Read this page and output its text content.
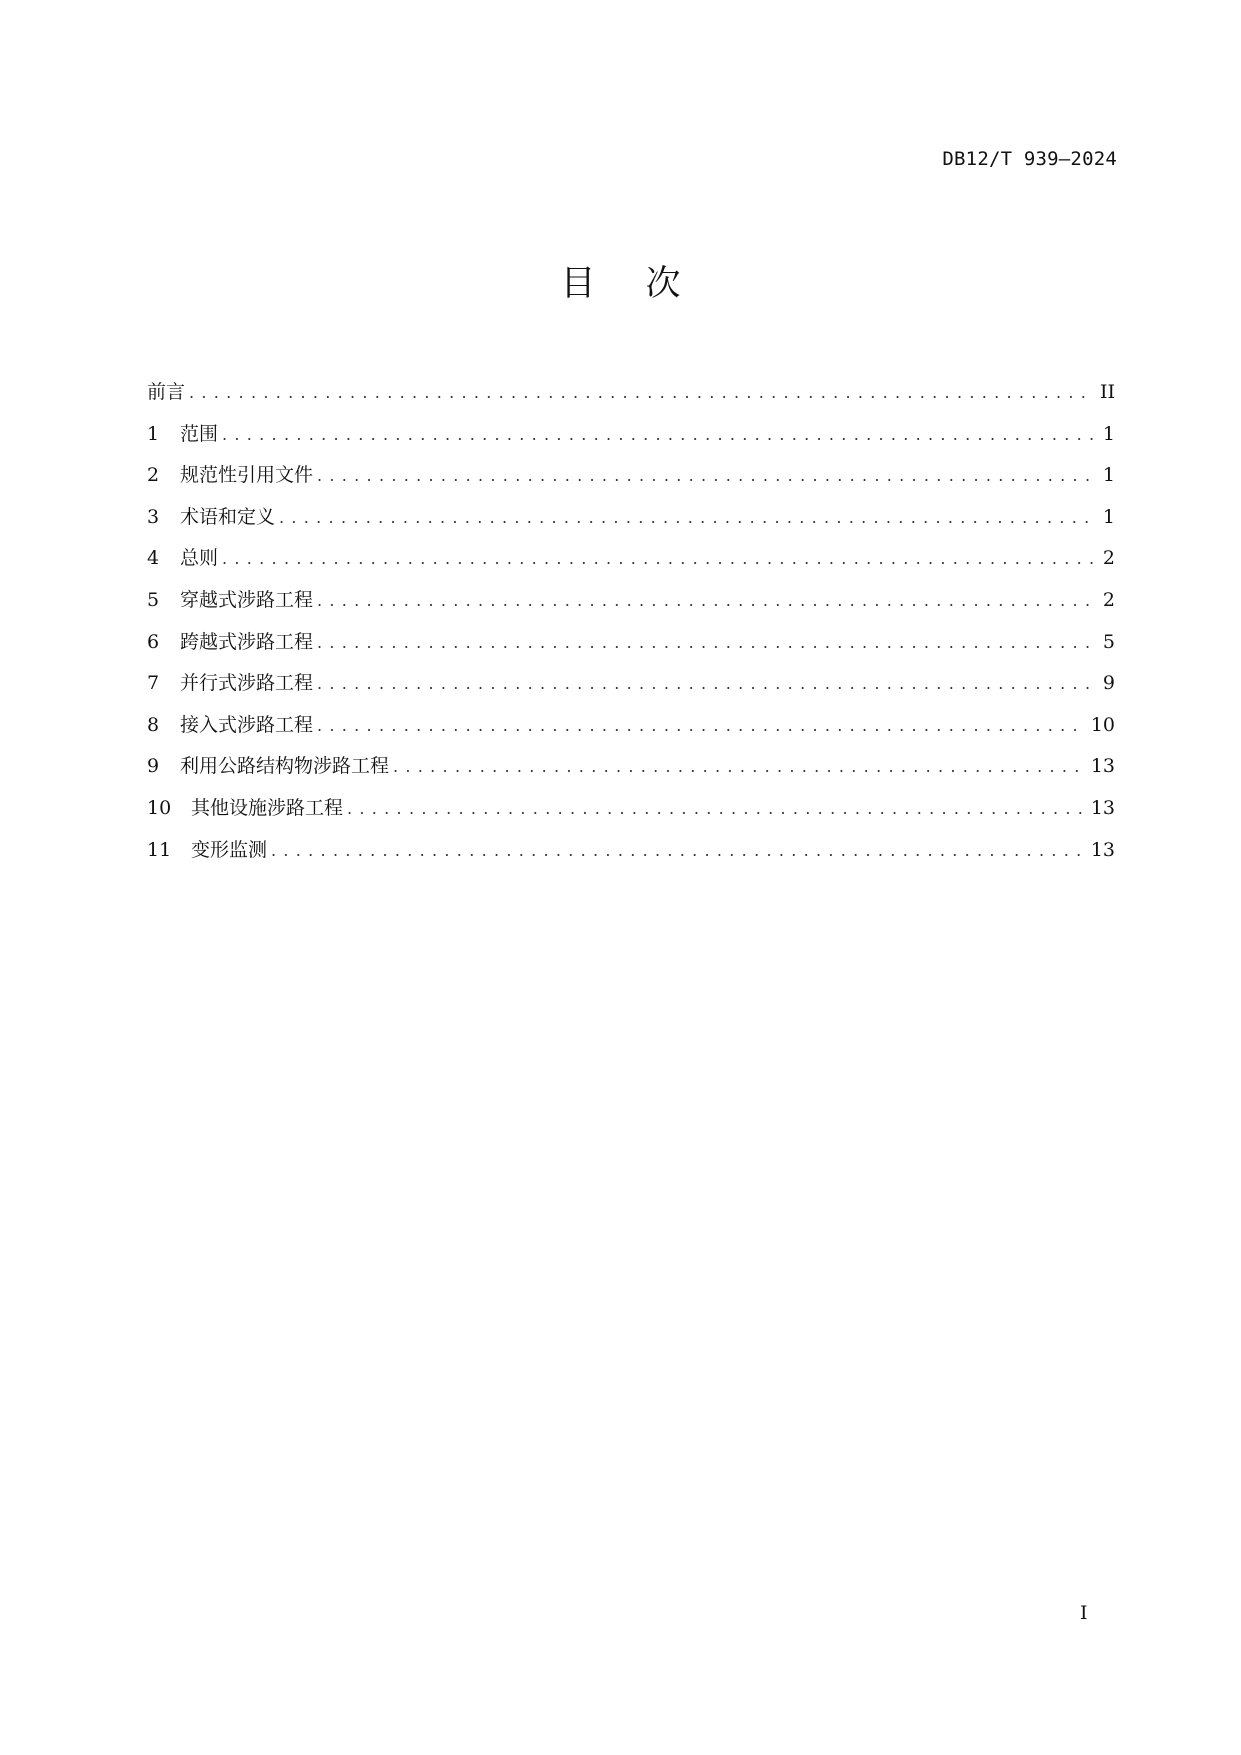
DB12/T 939—2024
目次
前言 .....	II
1	范围 .....	1
2	规范性引用文件 .....	1
3	术语和定义 .....	1
4	总则 .....	2
5	穿越式涉路工程 .....	2
6	跨越式涉路工程 .....	5
7	并行式涉路工程 .....	9
8	接入式涉路工程 .....	10
9	利用公路结构物涉路工程 .....	13
10	其他设施涉路工程 .....	13
11	变形监测 .....	13
I
